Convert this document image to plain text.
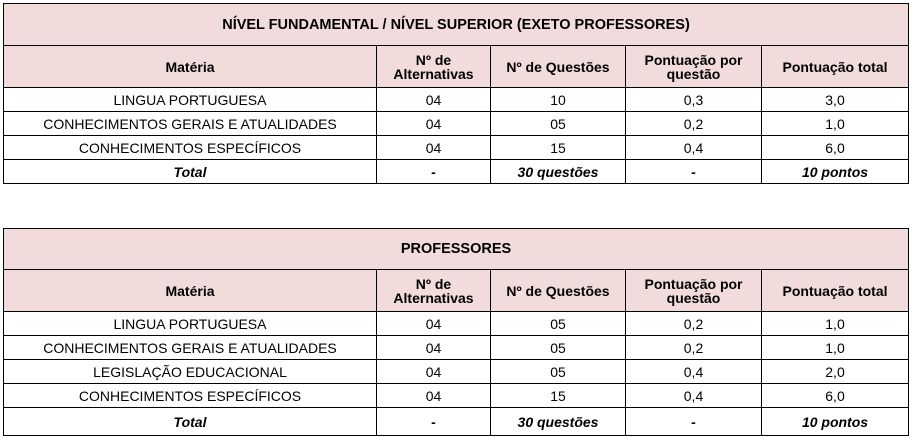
NÍVEL FUNDAMENTAL / NÍVEL SUPERIOR (EXETO PROFESSORES)				
Matéria	Nº de Alternativas	Nº de Questões	Pontuação por questão	Pontuação total
LINGUA PORTUGUESA	04	10	0,3	3,0
CONHECIMENTOS GERAIS E ATUALIDADES	04	05	0,2	1,0
CONHECIMENTOS ESPECÍFICOS	04	15	0,4	6,0
Total	-	30 questões	-	10 pontos
PROFESSORES				
Matéria	Nº de Alternativas	Nº de Questões	Pontuação por questão	Pontuação total
LINGUA PORTUGUESA	04	05	0,2	1,0
CONHECIMENTOS GERAIS E ATUALIDADES	04	05	0,2	1,0
LEGISLAÇÃO EDUCACIONAL	04	05	0,4	2,0
CONHECIMENTOS ESPECÍFICOS	04	15	0,4	6,0
Total	-	30 questões	-	10 pontos
